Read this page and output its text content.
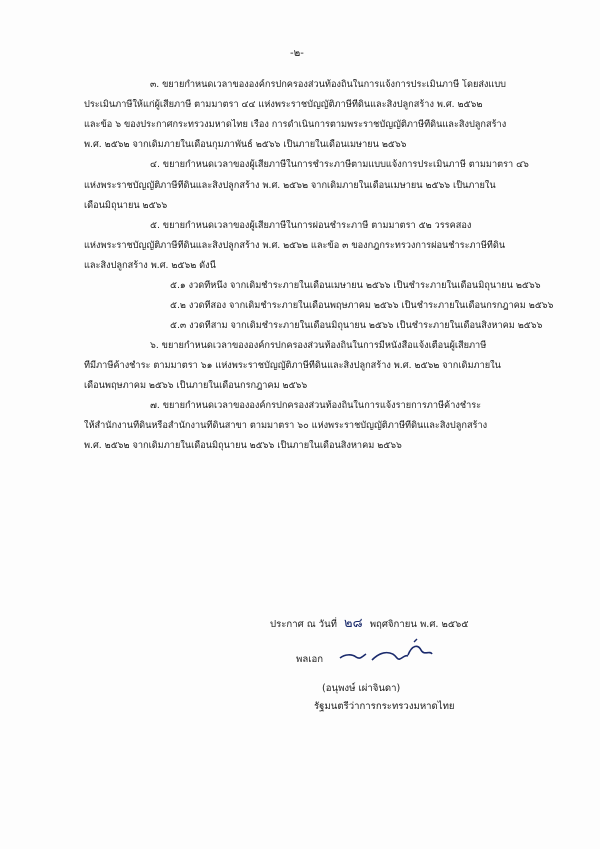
-๒-
๓. ขยายกำหนดเวลาขององค์กรปกครองส่วนท้องถิ่นในการแจ้งการประเมินภาษี โดยส่งแบบ
ประเมินภาษีให้แก่ผู้เสียภาษี ตามมาตรา ๔๔ แห่งพระราชบัญญัติภาษีที่ดินและสิ่งปลูกสร้าง พ.ศ. ๒๕๖๒
และข้อ ๖ ของประกาศกระทรวงมหาดไทย เรื่อง การดำเนินการตามพระราชบัญญัติภาษีที่ดินและสิ่งปลูกสร้าง
พ.ศ. ๒๕๖๒ จากเดิมภายในเดือนกุมภาพันธ์ ๒๕๖๖ เป็นภายในเดือนเมษายน ๒๕๖๖
๔. ขยายกำหนดเวลาของผู้เสียภาษีในการชำระภาษีตามแบบแจ้งการประเมินภาษี ตามมาตรา ๔๖
แห่งพระราชบัญญัติภาษีที่ดินและสิ่งปลูกสร้าง พ.ศ. ๒๕๖๒ จากเดิมภายในเดือนเมษายน ๒๕๖๖ เป็นภายใน
เดือนมิถุนายน ๒๕๖๖
๕. ขยายกำหนดเวลาของผู้เสียภาษีในการผ่อนชำระภาษี ตามมาตรา ๕๒ วรรคสอง
แห่งพระราชบัญญัติภาษีที่ดินและสิ่งปลูกสร้าง พ.ศ. ๒๕๖๒ และข้อ ๓ ของกฎกระทรวงการผ่อนชำระภาษีที่ดิน
และสิ่งปลูกสร้าง พ.ศ. ๒๕๖๒ ดังนี้
๕.๑ งวดที่หนึ่ง จากเดิมชำระภายในเดือนเมษายน ๒๕๖๖ เป็นชำระภายในเดือนมิถุนายน ๒๕๖๖
๕.๒ งวดที่สอง จากเดิมชำระภายในเดือนพฤษภาคม ๒๕๖๖ เป็นชำระภายในเดือนกรกฎาคม ๒๕๖๖
๕.๓ งวดที่สาม จากเดิมชำระภายในเดือนมิถุนายน ๒๕๖๖ เป็นชำระภายในเดือนสิงหาคม ๒๕๖๖
๖. ขยายกำหนดเวลาขององค์กรปกครองส่วนท้องถิ่นในการมีหนังสือแจ้งเตือนผู้เสียภาษี
ที่มีภาษีค้างชำระ ตามมาตรา ๖๑ แห่งพระราชบัญญัติภาษีที่ดินและสิ่งปลูกสร้าง พ.ศ. ๒๕๖๒ จากเดิมภายใน
เดือนพฤษภาคม ๒๕๖๖ เป็นภายในเดือนกรกฎาคม ๒๕๖๖
๗. ขยายกำหนดเวลาขององค์กรปกครองส่วนท้องถิ่นในการแจ้งรายการภาษีค้างชำระ
ให้สำนักงานที่ดินหรือสำนักงานที่ดินสาขา ตามมาตรา ๖๐ แห่งพระราชบัญญัติภาษีที่ดินและสิ่งปลูกสร้าง
พ.ศ. ๒๕๖๒ จากเดิมภายในเดือนมิถุนายน ๒๕๖๖ เป็นภายในเดือนสิงหาคม ๒๕๖๖
ประกาศ ณ วันที่ ๒๘ พฤศจิกายน พ.ศ. ๒๕๖๕
พลเอก
(อนุพงษ์ เผ่าจินดา)
รัฐมนตรีว่าการกระทรวงมหาดไทย
